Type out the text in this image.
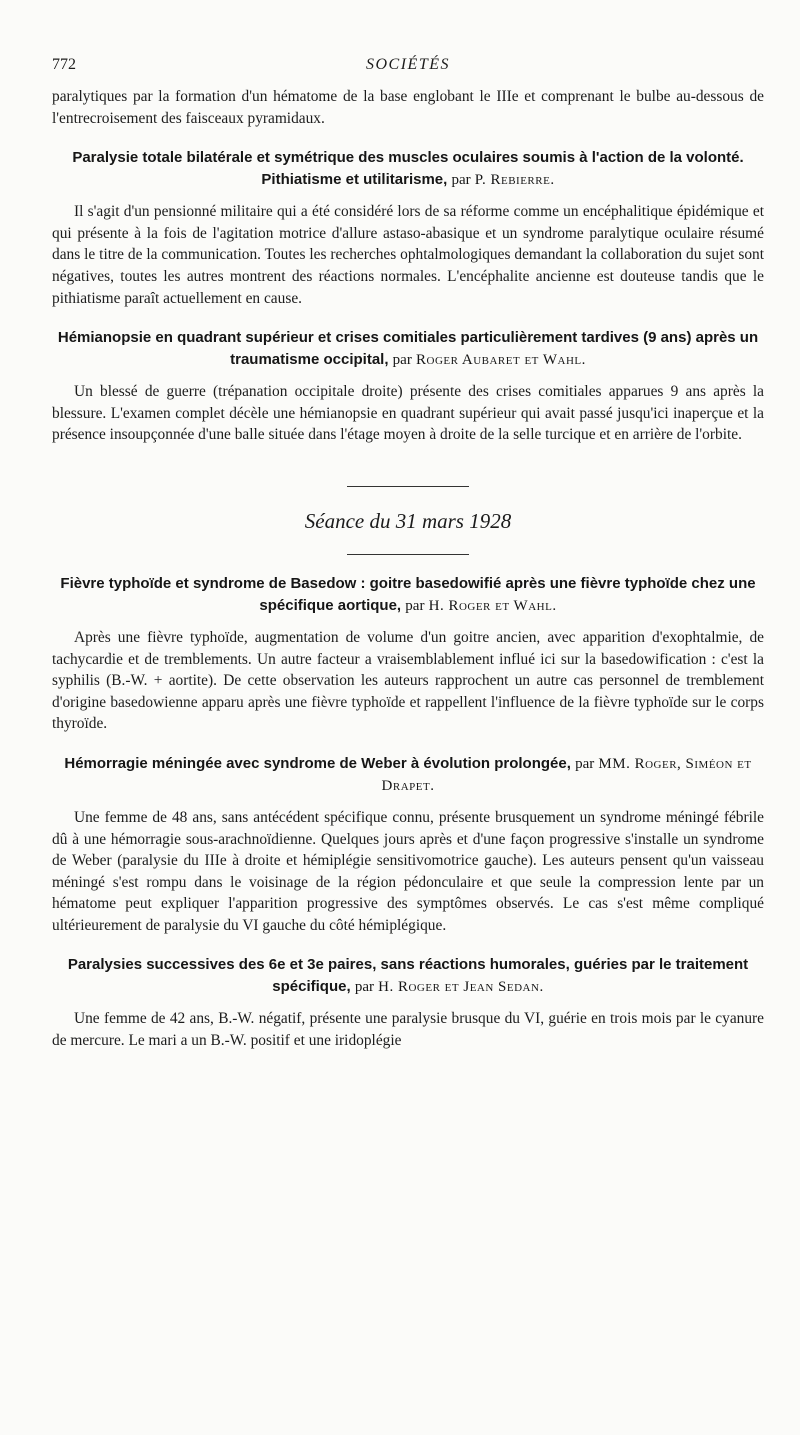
772	SOCIÉTÉS

paralytiques par la formation d'un hématome de la base englobant le IIIe et comprenant le bulbe au-dessous de l'entrecroisement des faisceaux pyramidaux.

Paralysie totale bilatérale et symétrique des muscles oculaires soumis à l'action de la volonté. Pithiatisme et utilitarisme, par P. Rebierre.

Il s'agit d'un pensionné militaire qui a été considéré lors de sa réforme comme un encéphalitique épidémique et qui présente à la fois de l'agitation motrice d'allure astaso-abasique et un syndrome paralytique oculaire résumé dans le titre de la communication. Toutes les recherches ophtalmologiques demandant la collaboration du sujet sont négatives, toutes les autres montrent des réactions normales. L'encéphalite ancienne est douteuse tandis que le pithiatisme paraît actuellement en cause.

Hémianopsie en quadrant supérieur et crises comitiales particulièrement tardives (9 ans) après un traumatisme occipital, par Roger Aubaret et Wahl.

Un blessé de guerre (trépanation occipitale droite) présente des crises comitiales apparues 9 ans après la blessure. L'examen complet décèle une hémianopsie en quadrant supérieur qui avait passé jusqu'ici inaperçue et la présence insoupçonnée d'une balle située dans l'étage moyen à droite de la selle turcique et en arrière de l'orbite.

Séance du 31 mars 1928
Fièvre typhoïde et syndrome de Basedow : goitre basedowifié après une fièvre typhoïde chez une spécifique aortique, par H. Roger et Wahl.

Après une fièvre typhoïde, augmentation de volume d'un goitre ancien, avec apparition d'exophtalmie, de tachycardie et de tremblements. Un autre facteur a vraisemblablement influé ici sur la basedowification : c'est la syphilis (B.-W. + aortite). De cette observation les auteurs rapprochent un autre cas personnel de tremblement d'origine basedowienne apparu après une fièvre typhoïde et rappellent l'influence de la fièvre typhoïde sur le corps thyroïde.

Hémorragie méningée avec syndrome de Weber à évolution prolongée, par MM. Roger, Siméon et Drapet.

Une femme de 48 ans, sans antécédent spécifique connu, présente brusquement un syndrome méningé fébrile dû à une hémorragie sous-arachnoïdienne. Quelques jours après et d'une façon progressive s'installe un syndrome de Weber (paralysie du IIIe à droite et hémiplégie sensitivomotrice gauche). Les auteurs pensent qu'un vaisseau méningé s'est rompu dans le voisinage de la région pédonculaire et que seule la compression lente par un hématome peut expliquer l'apparition progressive des symptômes observés. Le cas s'est même compliqué ultérieurement de paralysie du VI gauche du côté hémiplégique.

Paralysies successives des 6e et 3e paires, sans réactions humorales, guéries par le traitement spécifique, par H. Roger et Jean Sedan.

Une femme de 42 ans, B.-W. négatif, présente une paralysie brusque du VI, guérie en trois mois par le cyanure de mercure. Le mari a un B.-W. positif et une iridoplégie
